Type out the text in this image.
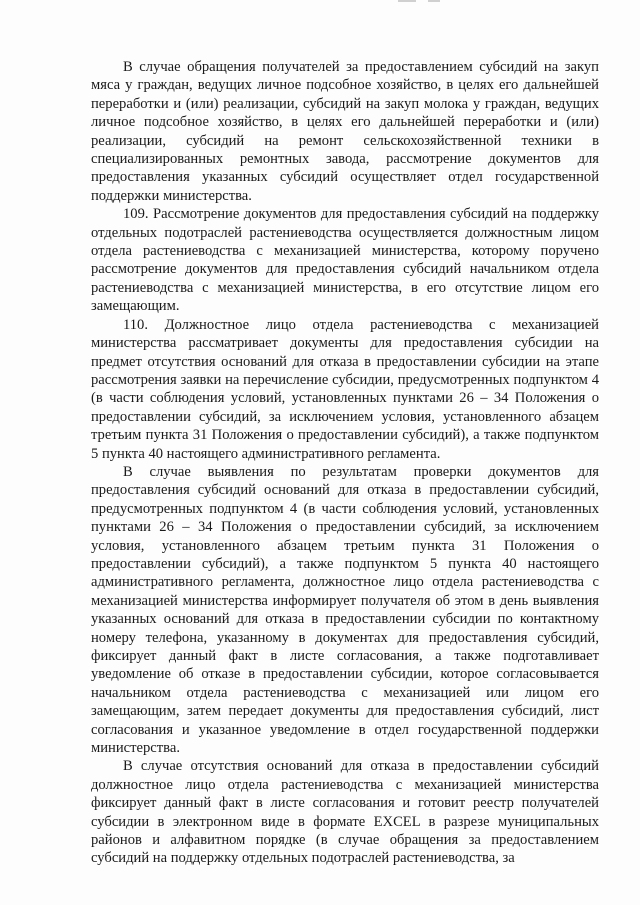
В случае обращения получателей за предоставлением субсидий на закуп мяса у граждан, ведущих личное подсобное хозяйство, в целях его дальнейшей переработки и (или) реализации, субсидий на закуп молока у граждан, ведущих личное подсобное хозяйство, в целях его дальнейшей переработки и (или) реализации, субсидий на ремонт сельскохозяйственной техники в специализированных ремонтных завода, рассмотрение документов для предоставления указанных субсидий осуществляет отдел государственной поддержки министерства.

109. Рассмотрение документов для предоставления субсидий на поддержку отдельных подотраслей растениеводства осуществляется должностным лицом отдела растениеводства с механизацией министерства, которому поручено рассмотрение документов для предоставления субсидий начальником отдела растениеводства с механизацией министерства, в его отсутствие лицом его замещающим.

110. Должностное лицо отдела растениеводства с механизацией министерства рассматривает документы для предоставления субсидии на предмет отсутствия оснований для отказа в предоставлении субсидии на этапе рассмотрения заявки на перечисление субсидии, предусмотренных подпунктом 4 (в части соблюдения условий, установленных пунктами 26 – 34 Положения о предоставлении субсидий, за исключением условия, установленного абзацем третьим пункта 31 Положения о предоставлении субсидий), а также подпунктом 5 пункта 40 настоящего административного регламента.

В случае выявления по результатам проверки документов для предоставления субсидий оснований для отказа в предоставлении субсидий, предусмотренных подпунктом 4 (в части соблюдения условий, установленных пунктами 26 – 34 Положения о предоставлении субсидий, за исключением условия, установленного абзацем третьим пункта 31 Положения о предоставлении субсидий), а также подпунктом 5 пункта 40 настоящего административного регламента, должностное лицо отдела растениеводства с механизацией министерства информирует получателя об этом в день выявления указанных оснований для отказа в предоставлении субсидии по контактному номеру телефона, указанному в документах для предоставления субсидий, фиксирует данный факт в листе согласования, а также подготавливает уведомление об отказе в предоставлении субсидии, которое согласовывается начальником отдела растениеводства с механизацией или лицом его замещающим, затем передает документы для предоставления субсидий, лист согласования и указанное уведомление в отдел государственной поддержки министерства.

В случае отсутствия оснований для отказа в предоставлении субсидий должностное лицо отдела растениеводства с механизацией министерства фиксирует данный факт в листе согласования и готовит реестр получателей субсидии в электронном виде в формате EXCEL в разрезе муниципальных районов и алфавитном порядке (в случае обращения за предоставлением субсидий на поддержку отдельных подотраслей растениеводства, за
